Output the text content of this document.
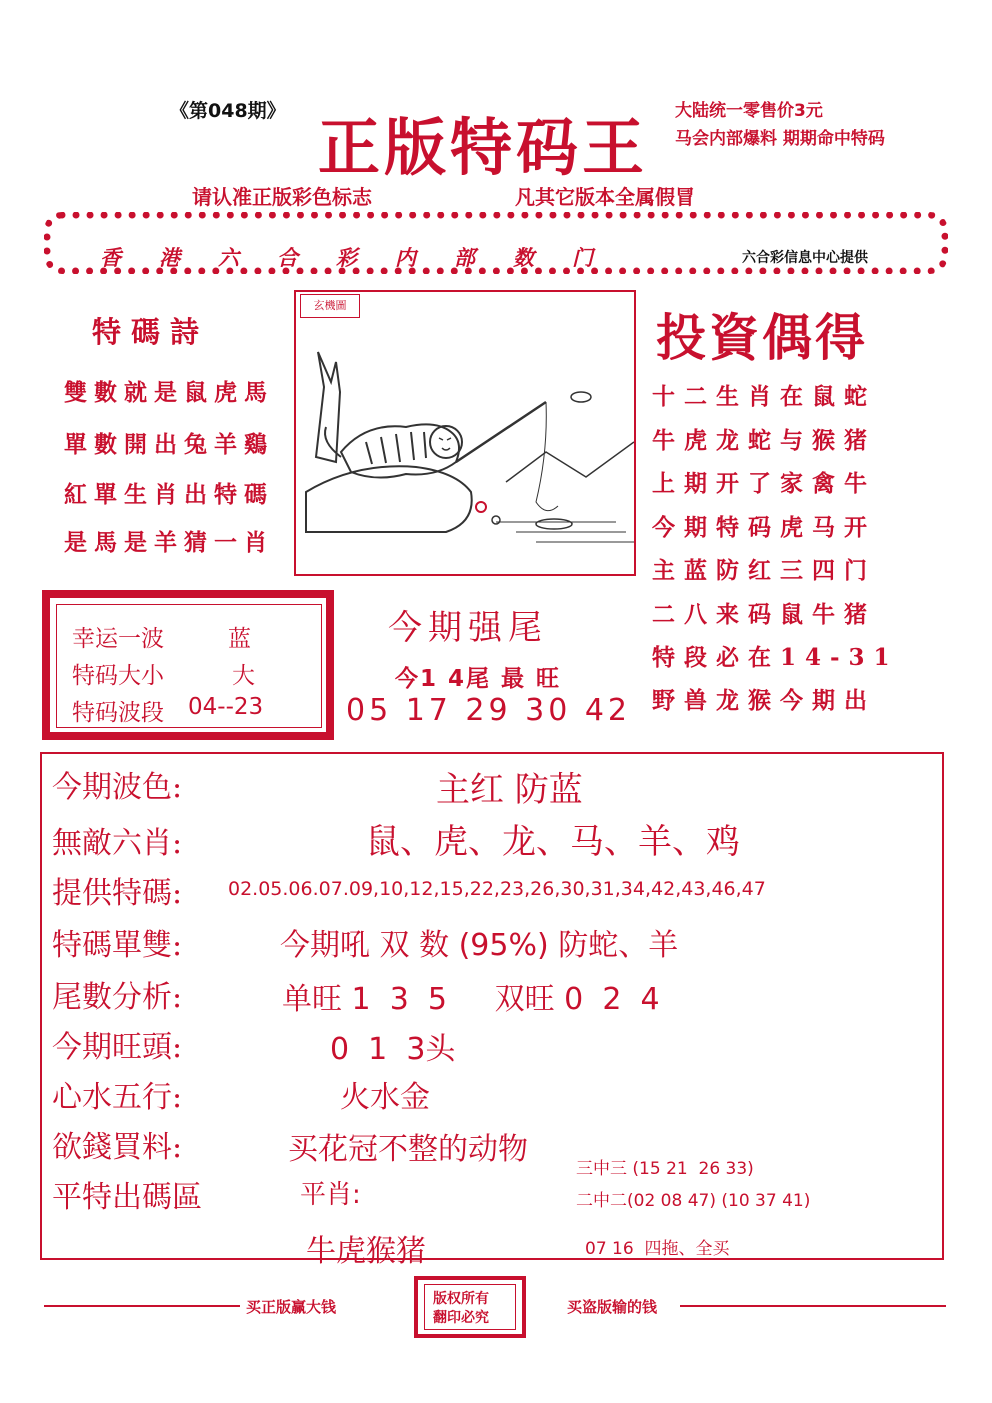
《第048期》 正版特码王 大陆统一零售价3元
马会内部爆料 期期命中特码
请认准正版彩色标志	凡其它版本全属假冒
香港六合彩内部数门	六合彩信息中心提供
特碼詩
雙數就是鼠虎馬
單數開出兔羊鷄
紅單生肖出特碼
是馬是羊猜一肖
玄機圖
投資偶得
十二生肖在鼠蛇
牛虎龙蛇与猴猪
上期开了家禽牛
今期特码虎马开
主蓝防红三四门
二八来码鼠牛猪
特段必在14-31
野兽龙猴今期出
幸运一波	蓝
特码大小	大
特码波段 04--23
今期强尾
今1 4尾 最 旺
05 17 29 30 42
今期波色:	主红 防蓝
無敵六肖:	鼠、虎、龙、马、羊、鸡
提供特碼: 02.05.06.07.09,10,12,15,22,23,26,30,31,34,42,43,46,47
特碼單雙:	今期吼 双 数 (95%) 防蛇、羊
尾數分析:	单旺 1  3  5     双旺 0  2  4
今期旺頭:	0  1  3头
心水五行:	火水金
欲錢買料:	买花冠不整的动物
平特出碼區	平肖:
牛虎猴猪
三中三 (15 21  26 33)
二中二(02 08 47) (10 37 41)
07 16  四拖、全买
买正版赢大钱	买盗版输的钱
版权所有
翻印必究
